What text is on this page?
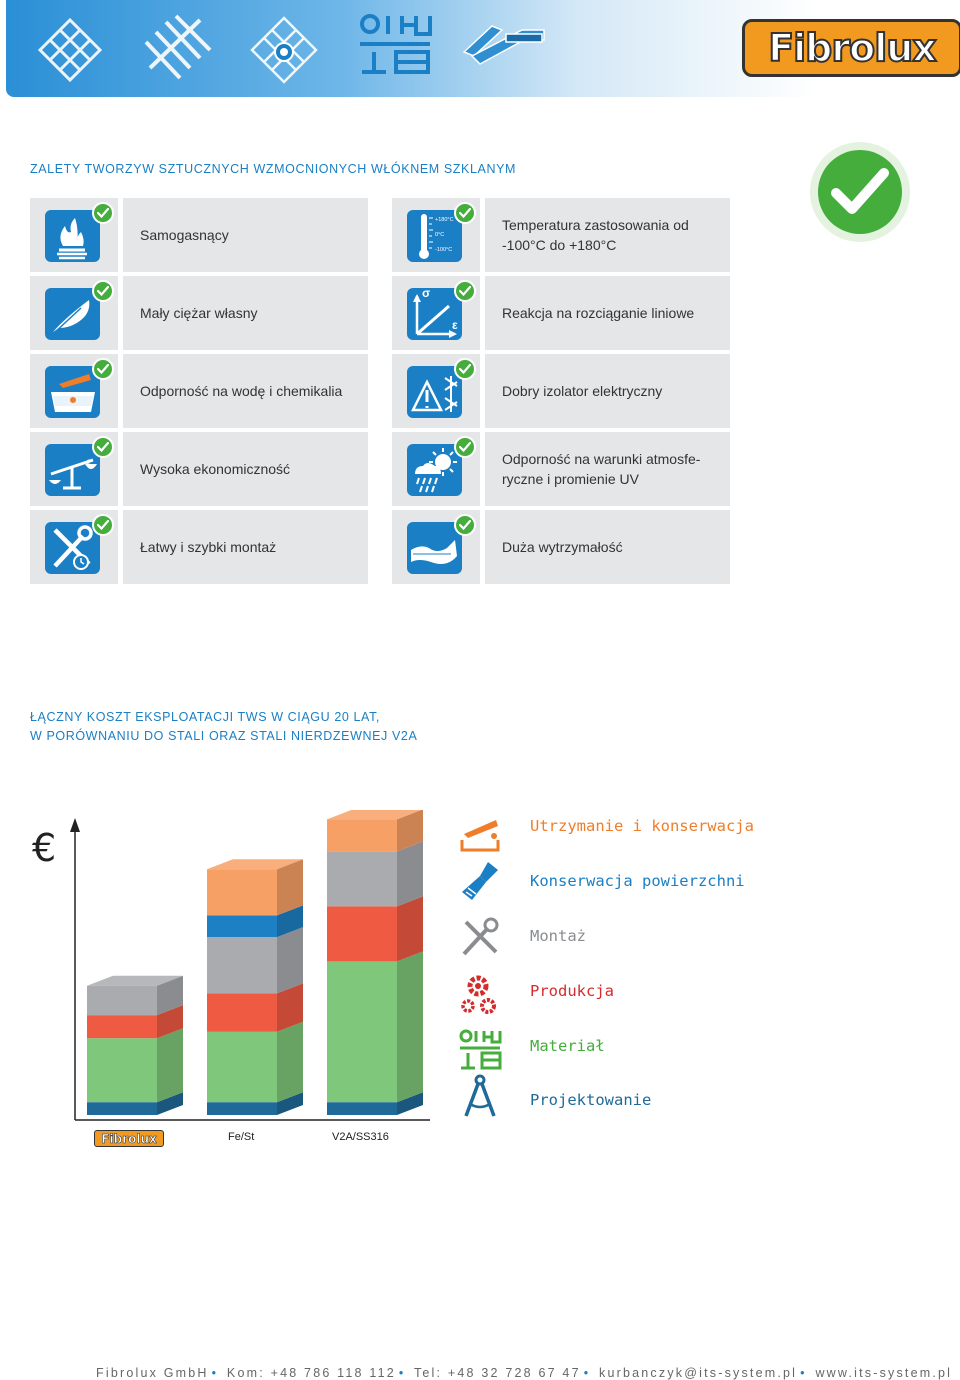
Fibrolux
ZALETY TWORZYW SZTUCZNYCH WZMOCNIONYCH WŁÓKNEM SZKLANYM
Samogasnący
+180°C
0°C
-100°C
Temperatura zastosowania od
-100°C do +180°C
Mały ciężar własny
σ
ε
Reakcja na rozciąganie liniowe
Odporność na wodę i chemikalia	Dobry izolator elektryczny
€	Wysoka ekonomiczność
Odporność na warunki atmosfe-
ryczne i promienie UV
Łatwy i szybki montaż	Duża wytrzymałość
ŁĄCZNY KOSZT EKSPLOATACJI TWS W CIĄGU 20 LAT,
W PORÓWNANIU DO STALI ORAZ STALI NIERDZEWNEJ V2A
€
Fibrolux	Fe/St	V2A/SS316
Utrzymanie i konserwacja
Konserwacja powierzchni
Montaż
Produkcja
Materiał
Projektowanie
Fibrolux GmbH • Kom: +48 786 118 112 • Tel: +48 32 728 67 47 • kurbanczyk@its-system.pl • www.its-system.pl
